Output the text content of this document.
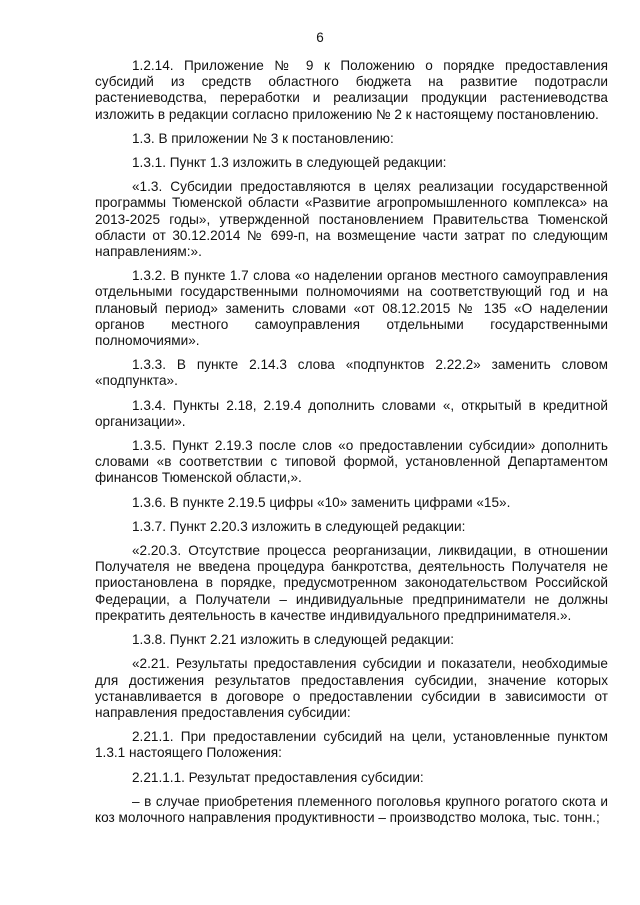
6

1.2.14. Приложение № 9 к Положению о порядке предоставления субсидий из средств областного бюджета на развитие подотрасли растениеводства, переработки и реализации продукции растениеводства изложить в редакции согласно приложению № 2 к настоящему постановлению.

1.3. В приложении № 3 к постановлению:

1.3.1. Пункт 1.3 изложить в следующей редакции:

«1.3. Субсидии предоставляются в целях реализации государственной программы Тюменской области «Развитие агропромышленного комплекса» на 2013-2025 годы», утвержденной постановлением Правительства Тюменской области от 30.12.2014 № 699-п, на возмещение части затрат по следующим направлениям:».

1.3.2. В пункте 1.7 слова «о наделении органов местного самоуправления отдельными государственными полномочиями на соответствующий год и на плановый период» заменить словами «от 08.12.2015 № 135 «О наделении органов местного самоуправления отдельными государственными полномочиями».

1.3.3. В пункте 2.14.3 слова «подпунктов 2.22.2» заменить словом «подпункта».

1.3.4. Пункты 2.18, 2.19.4 дополнить словами «, открытый в кредитной организации».

1.3.5. Пункт 2.19.3 после слов «о предоставлении субсидии» дополнить словами «в соответствии с типовой формой, установленной Департаментом финансов Тюменской области,».

1.3.6. В пункте 2.19.5 цифры «10» заменить цифрами «15».

1.3.7. Пункт 2.20.3 изложить в следующей редакции:

«2.20.3. Отсутствие процесса реорганизации, ликвидации, в отношении Получателя не введена процедура банкротства, деятельность Получателя не приостановлена в порядке, предусмотренном законодательством Российской Федерации, а Получатели – индивидуальные предприниматели не должны прекратить деятельность в качестве индивидуального предпринимателя.».

1.3.8. Пункт 2.21 изложить в следующей редакции:

«2.21. Результаты предоставления субсидии и показатели, необходимые для достижения результатов предоставления субсидии, значение которых устанавливается в договоре о предоставлении субсидии в зависимости от направления предоставления субсидии:

2.21.1. При предоставлении субсидий на цели, установленные пунктом 1.3.1 настоящего Положения:

2.21.1.1. Результат предоставления субсидии:

– в случае приобретения племенного поголовья крупного рогатого скота и коз молочного направления продуктивности – производство молока, тыс. тонн.;
